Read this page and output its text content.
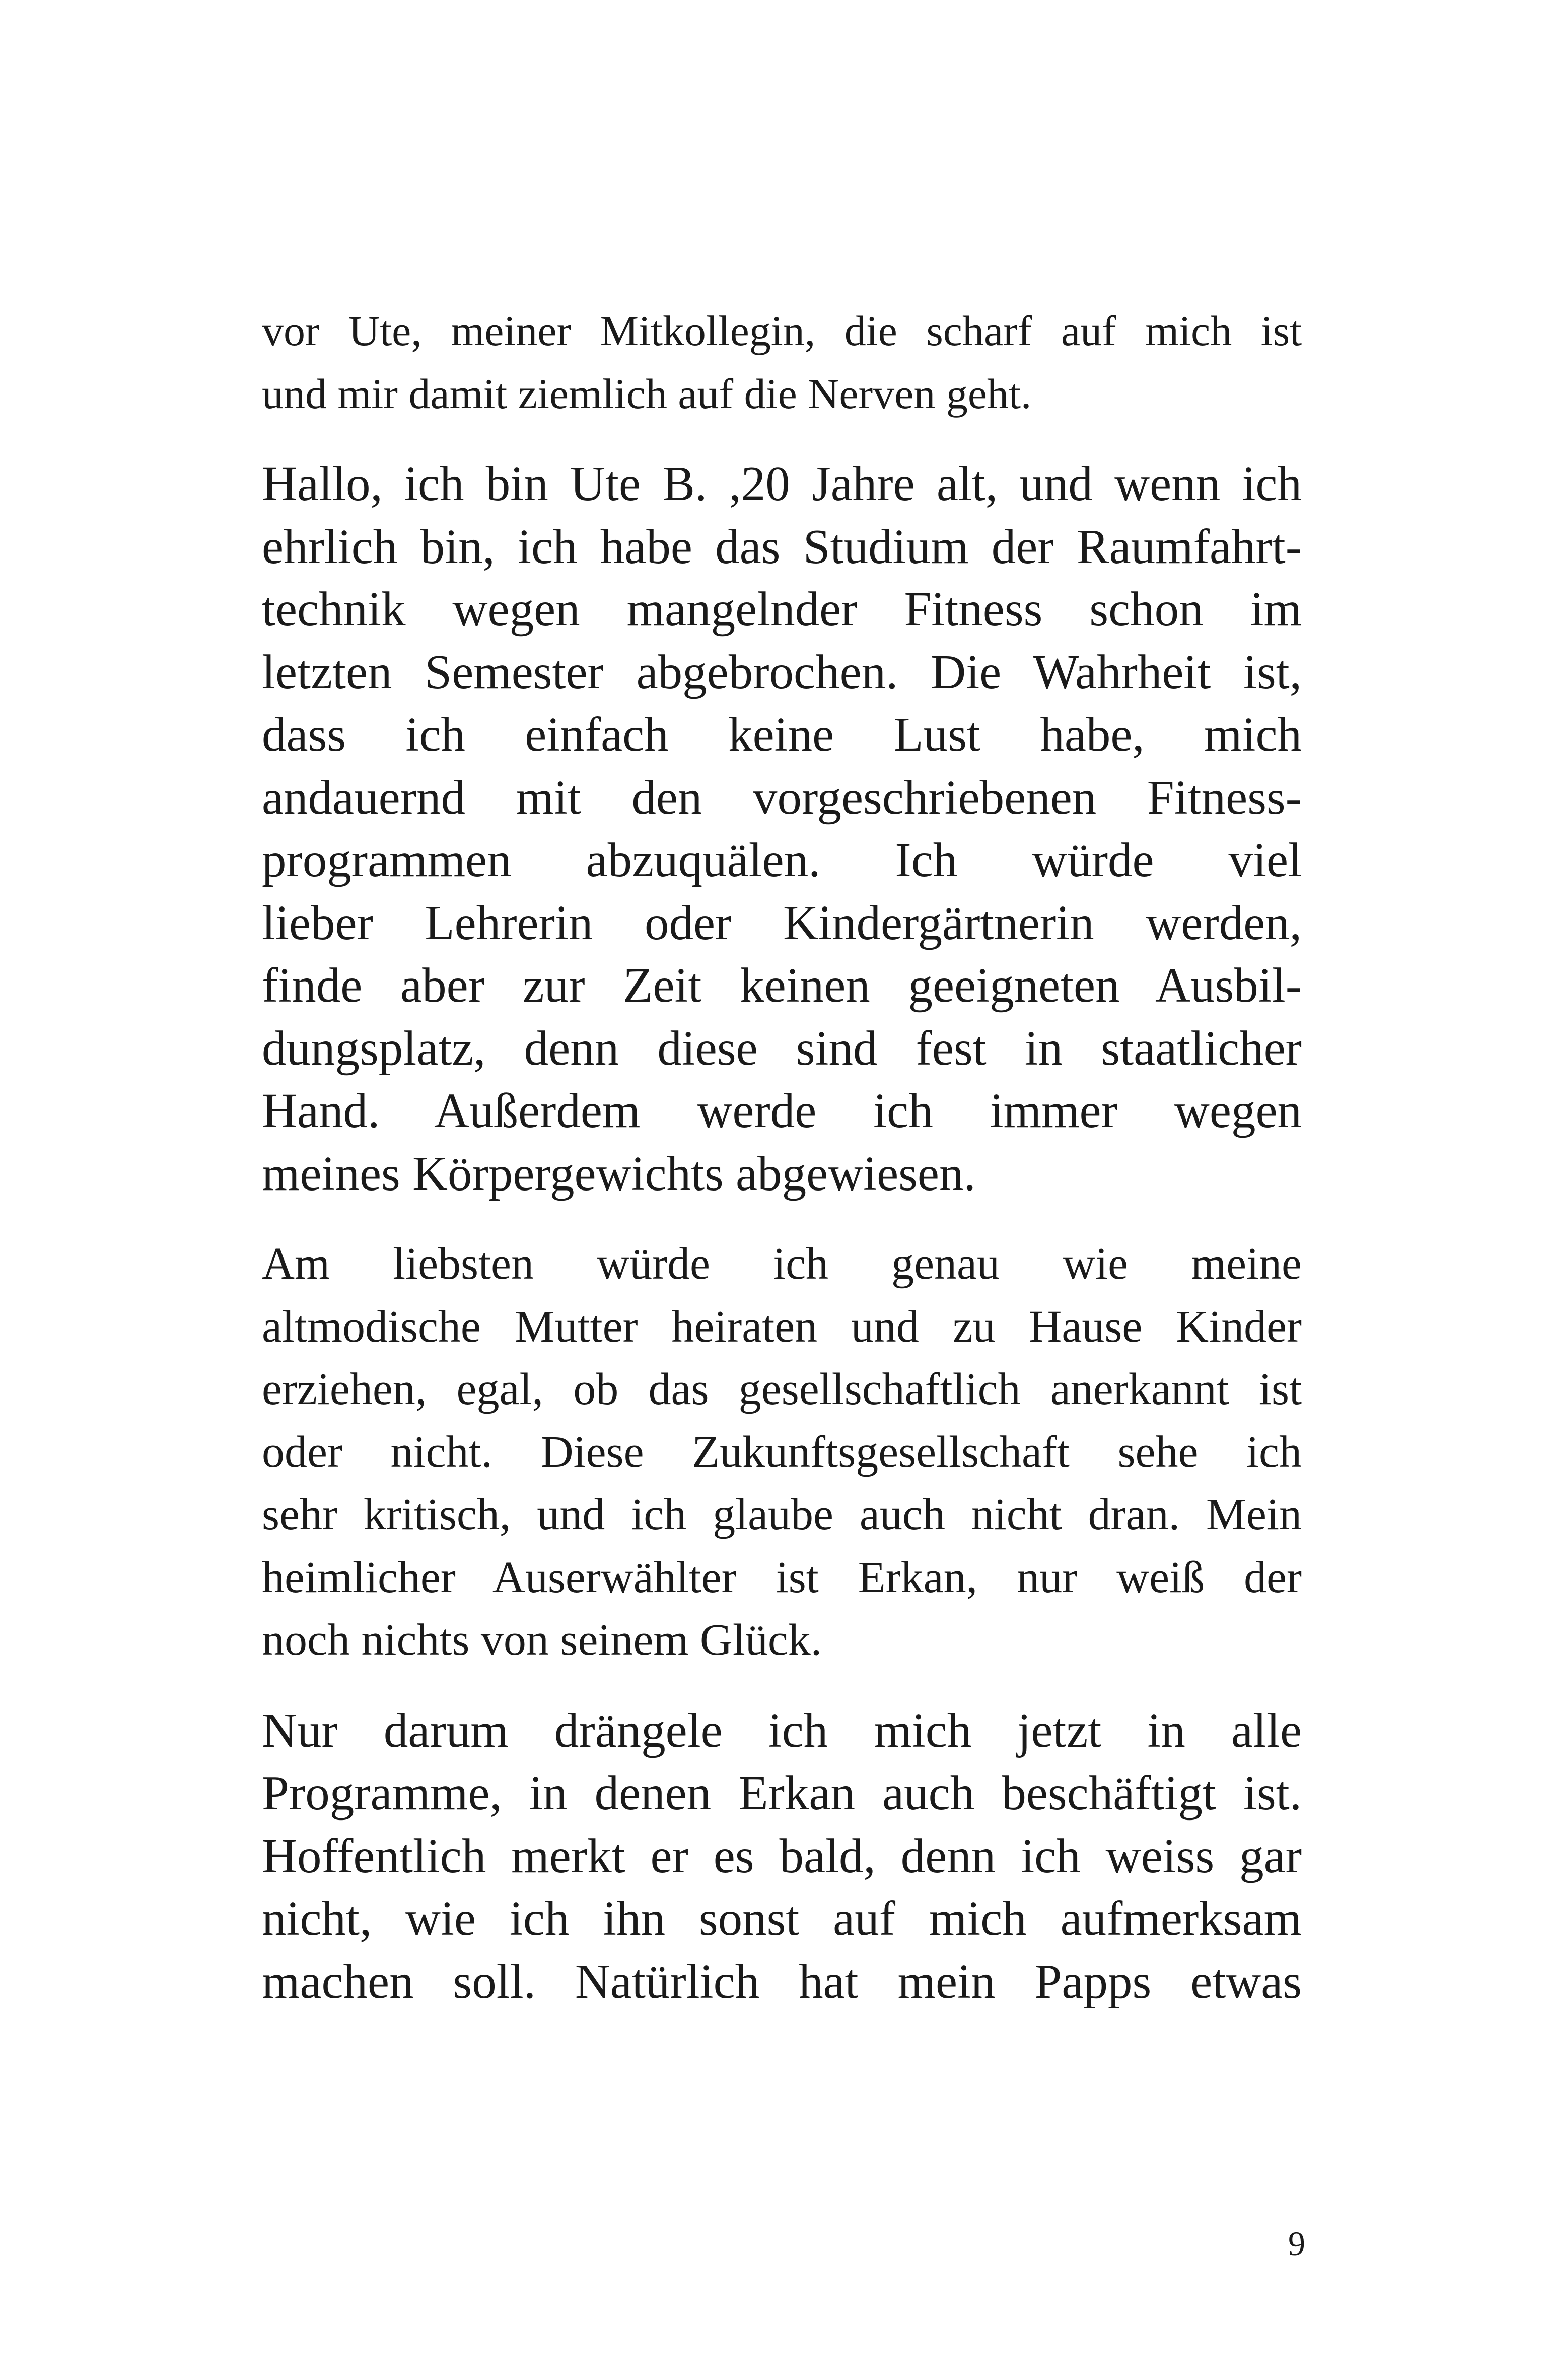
vor Ute, meiner Mitkollegin, die scharf auf mich ist
und mir damit ziemlich auf die Nerven geht.
Hallo, ich bin Ute B. ,20 Jahre alt, und wenn ich
ehrlich bin, ich habe das Studium der Raumfahrt-
technik wegen mangelnder Fitness schon im
letzten Semester abgebrochen. Die Wahrheit ist,
dass ich einfach keine Lust habe, mich
andauernd mit den vorgeschriebenen Fitness-
programmen abzuquälen. Ich würde viel
lieber Lehrerin oder Kindergärtnerin werden,
finde aber zur Zeit keinen geeigneten Ausbil-
dungsplatz, denn diese sind fest in staatlicher
Hand. Außerdem werde ich immer wegen
meines Körpergewichts abgewiesen.
Am liebsten würde ich genau wie meine
altmodische Mutter heiraten und zu Hause Kinder
erziehen, egal, ob das gesellschaftlich anerkannt ist
oder nicht. Diese Zukunftsgesellschaft sehe ich
sehr kritisch, und ich glaube auch nicht dran. Mein
heimlicher Auserwählter ist Erkan, nur weiß der
noch nichts von seinem Glück.
Nur darum drängele ich mich jetzt in alle
Programme, in denen Erkan auch beschäftigt ist.
Hoffentlich merkt er es bald, denn ich weiss gar
nicht, wie ich ihn sonst auf mich aufmerksam
machen soll. Natürlich hat mein Papps etwas
9
